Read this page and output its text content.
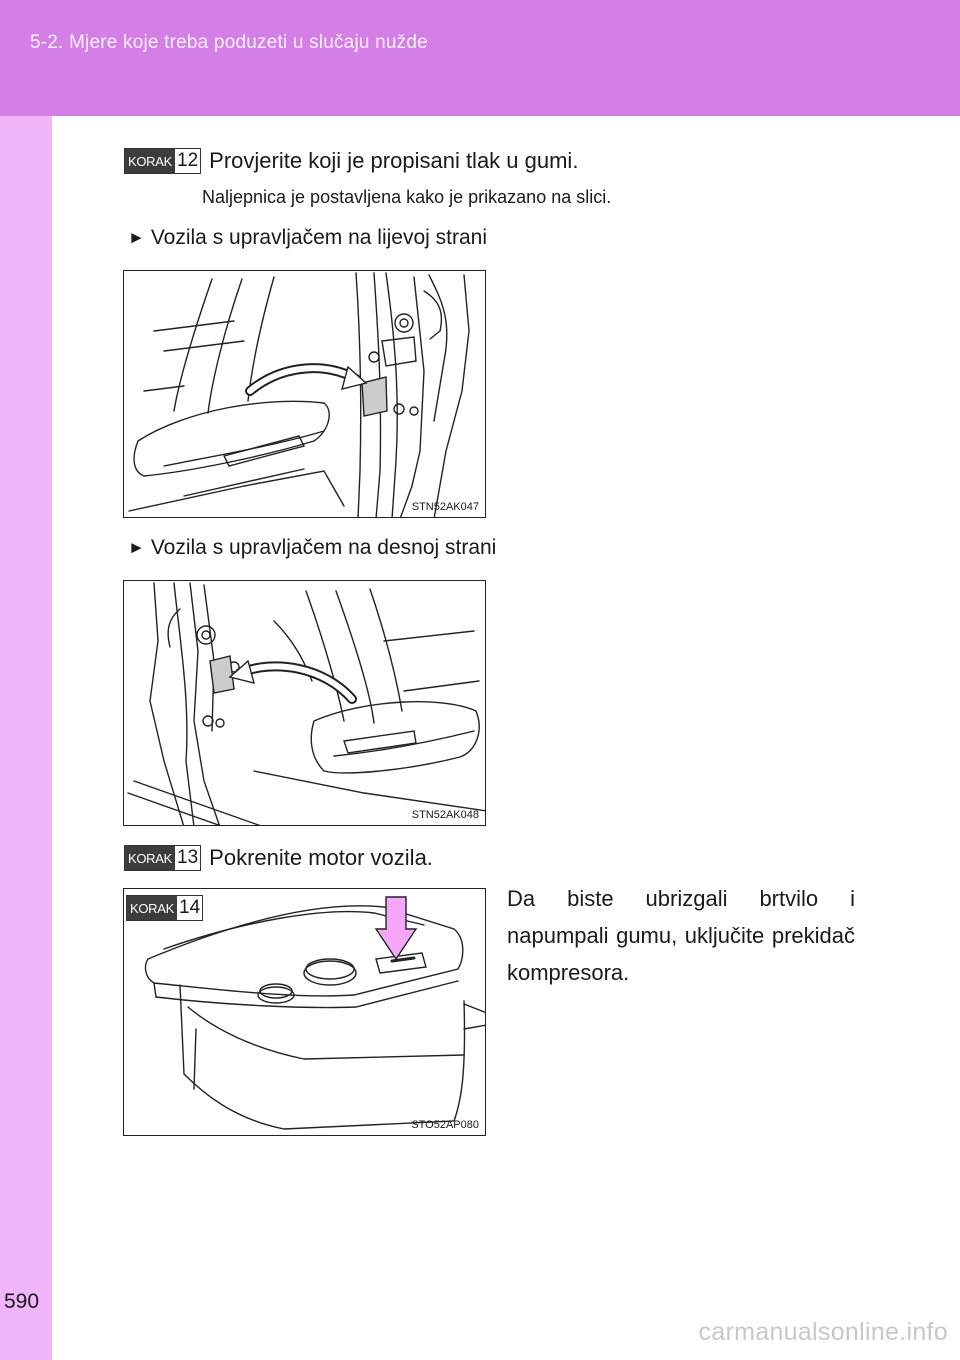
5-2. Mjere koje treba poduzeti u slučaju nužde
590
KORAK 12 Provjerite koji je propisani tlak u gumi.
Naljepnica je postavljena kako je prikazano na slici.
► Vozila s upravljačem na lijevoj strani
STN52AK047
► Vozila s upravljačem na desnoj strani
STN52AK048
KORAK 13 Pokrenite motor vozila.
KORAK 14
STO52AP080
Da biste ubrizgali brtvilo i napumpali gumu, uključite prekidač kompresora.
carmanualsonline.info
